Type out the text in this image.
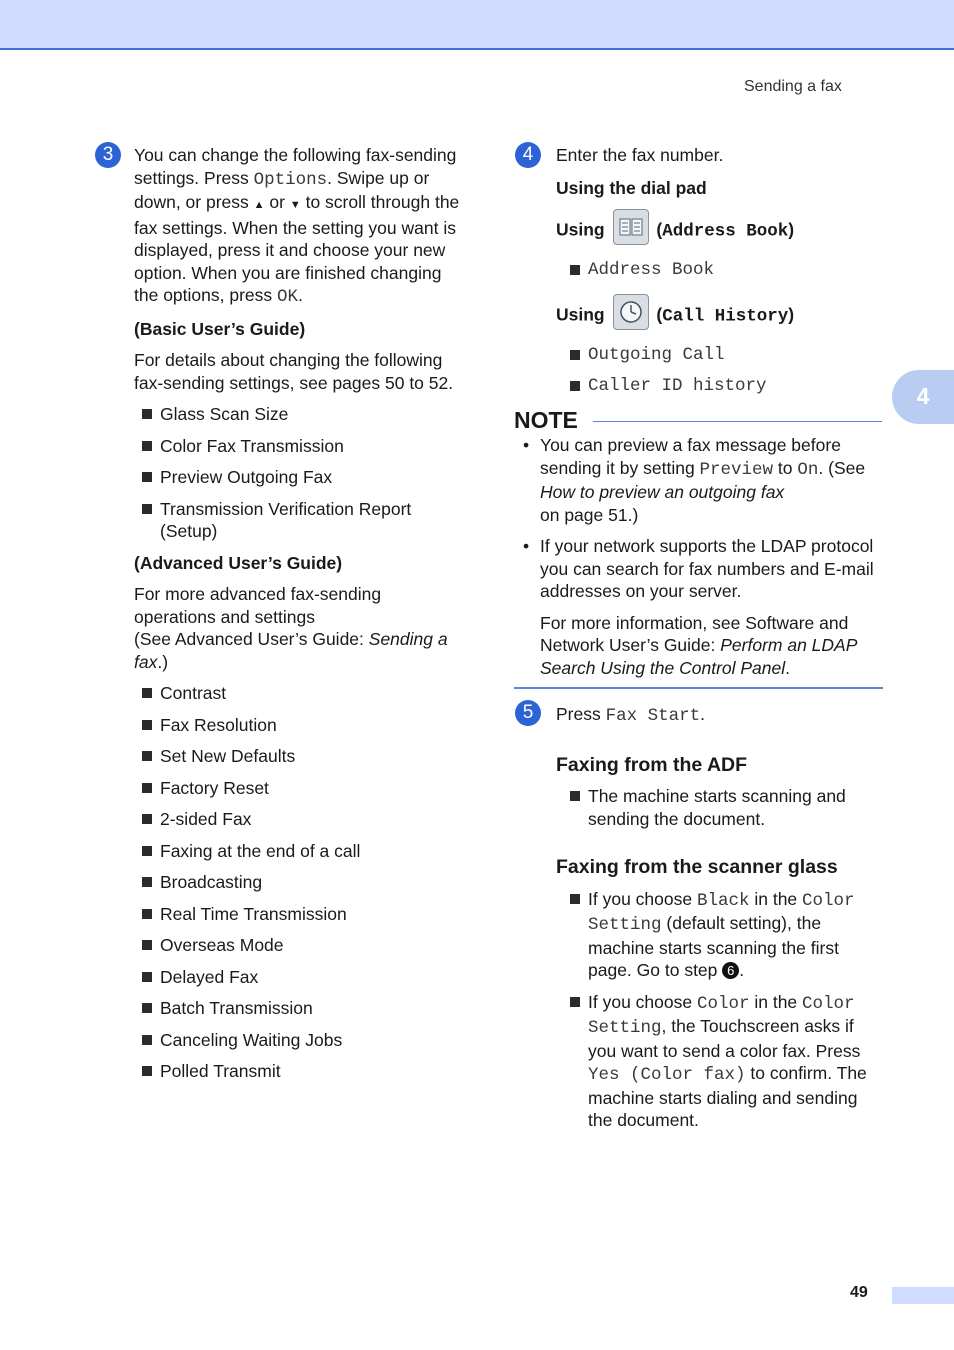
Sending a fax
4
3	You can change the following fax-sending settings. Press Options. Swipe up or down, or press ▲ or ▼ to scroll through the fax settings. When the setting you want is displayed, press it and choose your new option. When you are finished changing the options, press OK.

(Basic User’s Guide)

For details about changing the following fax-sending settings, see pages 50 to 52.

Glass Scan Size

Color Fax Transmission

Preview Outgoing Fax

Transmission Verification Report (Setup)

(Advanced User’s Guide)

For more advanced fax-sending operations and settings
(See Advanced User’s Guide: Sending a fax.)

Contrast

Fax Resolution

Set New Defaults

Factory Reset

2-sided Fax

Faxing at the end of a call

Broadcasting

Real Time Transmission

Overseas Mode

Delayed Fax

Batch Transmission

Canceling Waiting Jobs

Polled Transmit

4	Enter the fax number.

Using the dial pad

Using	(Address Book)

Address Book

Using	(Call History)

Outgoing Call

Caller ID history

NOTE

• You can preview a fax message before sending it by setting Preview to On. (See How to preview an outgoing fax
on page 51.)

• If your network supports the LDAP protocol you can search for fax numbers and E-mail addresses on your server.

For more information, see Software and Network User’s Guide: Perform an LDAP Search Using the Control Panel.

5	Press Fax Start.

Faxing from the ADF

The machine starts scanning and sending the document.

Faxing from the scanner glass

If you choose Black in the Color Setting (default setting), the machine starts scanning the first page. Go to step 6 .

If you choose Color in the Color Setting, the Touchscreen asks if you want to send a color fax. Press Yes (Color fax) to confirm. The machine starts dialing and sending the document.

49
